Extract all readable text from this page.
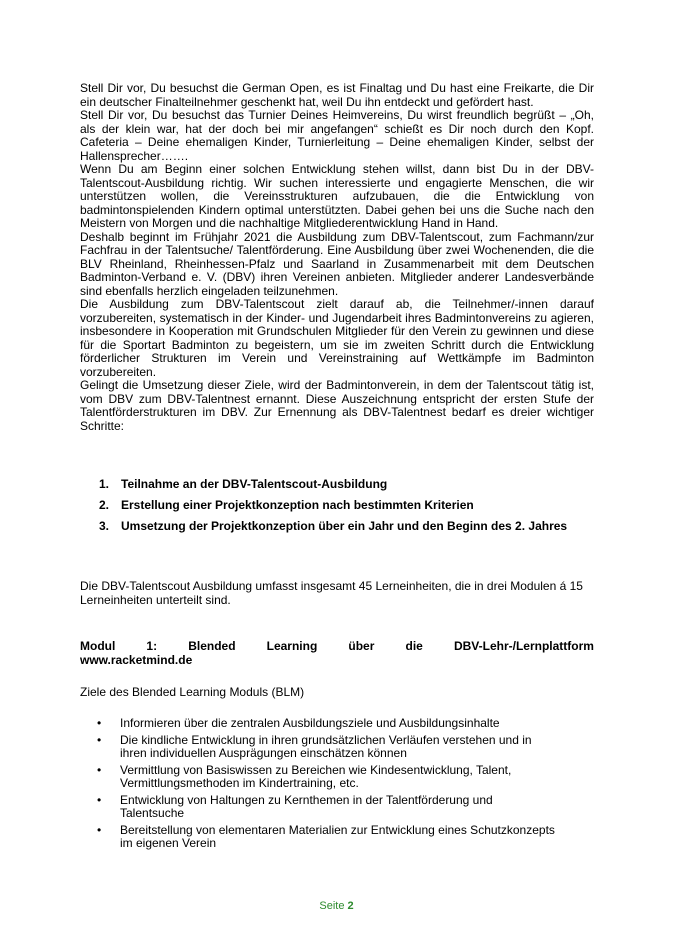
Stell Dir vor, Du besuchst die German Open, es ist Finaltag und Du hast eine Freikarte, die Dir ein deutscher Finalteilnehmer geschenkt hat, weil Du ihn entdeckt und gefördert hast.

Stell Dir vor, Du besuchst das Turnier Deines Heimvereins, Du wirst freundlich begrüßt – „Oh, als der klein war, hat der doch bei mir angefangen“ schießt es Dir noch durch den Kopf. Cafeteria – Deine ehemaligen Kinder, Turnierleitung – Deine ehemaligen Kinder, selbst der Hallensprecher…….

Wenn Du am Beginn einer solchen Entwicklung stehen willst, dann bist Du in der DBV-Talentscout-Ausbildung richtig. Wir suchen interessierte und engagierte Menschen, die wir unterstützen wollen, die Vereinsstrukturen aufzubauen, die die Entwicklung von badmintonspielenden Kindern optimal unterstützten. Dabei gehen bei uns die Suche nach den Meistern von Morgen und die nachhaltige Mitgliederentwicklung Hand in Hand.

Deshalb beginnt im Frühjahr 2021 die Ausbildung zum DBV-Talentscout, zum Fachmann/zur Fachfrau in der Talentsuche/ Talentförderung. Eine Ausbildung über zwei Wochenenden, die die BLV Rheinland, Rheinhessen-Pfalz und Saarland in Zusammenarbeit mit dem Deutschen Badminton-Verband e. V. (DBV) ihren Vereinen anbieten. Mitglieder anderer Landesverbände sind ebenfalls herzlich eingeladen teilzunehmen.

Die Ausbildung zum DBV-Talentscout zielt darauf ab, die Teilnehmer/-innen darauf vorzubereiten, systematisch in der Kinder- und Jugendarbeit ihres Badmintonvereins zu agieren, insbesondere in Kooperation mit Grundschulen Mitglieder für den Verein zu gewinnen und diese für die Sportart Badminton zu begeistern, um sie im zweiten Schritt durch die Entwicklung förderlicher Strukturen im Verein und Vereinstraining auf Wettkämpfe im Badminton vorzubereiten.

Gelingt die Umsetzung dieser Ziele, wird der Badmintonverein, in dem der Talentscout tätig ist, vom DBV zum DBV-Talentnest ernannt. Diese Auszeichnung entspricht der ersten Stufe der Talentförderstrukturen im DBV. Zur Ernennung als DBV-Talentnest bedarf es dreier wichtiger Schritte:

1. Teilnahme an der DBV-Talentscout-Ausbildung
2. Erstellung einer Projektkonzeption nach bestimmten Kriterien
3. Umsetzung der Projektkonzeption über ein Jahr und den Beginn des 2. Jahres

Die DBV-Talentscout Ausbildung umfasst insgesamt 45 Lerneinheiten, die in drei Modulen á 15 Lerneinheiten unterteilt sind.

Modul	1:	Blended	Learning	über	die	DBV-Lehr-/Lernplattform
www.racketmind.de

Ziele des Blended Learning Moduls (BLM)

• Informieren über die zentralen Ausbildungsziele und Ausbildungsinhalte
• Die kindliche Entwicklung in ihren grundsätzlichen Verläufen verstehen und in ihren individuellen Ausprägungen einschätzen können
• Vermittlung von Basiswissen zu Bereichen wie Kindesentwicklung, Talent, Vermittlungsmethoden im Kindertraining, etc.
• Entwicklung von Haltungen zu Kernthemen in der Talentförderung und Talentsuche
• Bereitstellung von elementaren Materialien zur Entwicklung eines Schutzkonzepts im eigenen Verein
Seite 2
